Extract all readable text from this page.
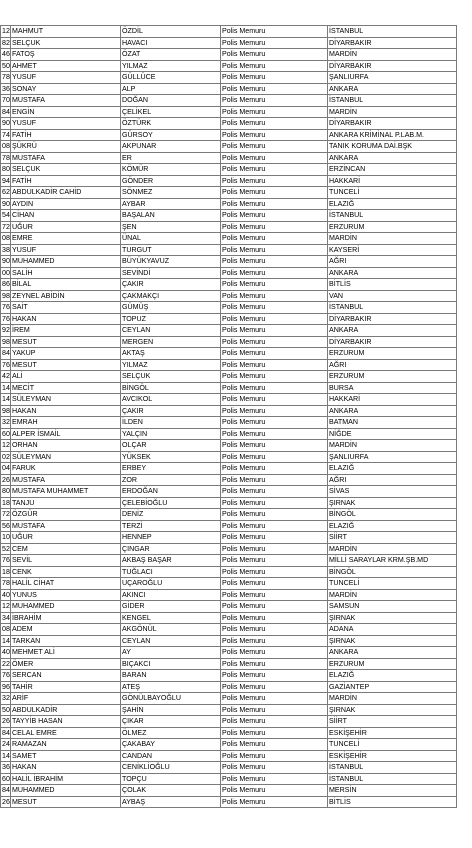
12	MAHMUT	ÖZDİL	Polis Memuru	İSTANBUL
82	SELÇUK	HAVACI	Polis Memuru	DİYARBAKIR
46	FATOŞ	ÖZAT	Polis Memuru	MARDİN
50	AHMET	YILMAZ	Polis Memuru	DİYARBAKIR
78	YUSUF	GÜLLÜCE	Polis Memuru	ŞANLIURFA
36	SONAY	ALP	Polis Memuru	ANKARA
70	MUSTAFA	DOĞAN	Polis Memuru	İSTANBUL
84	ENGİN	ÇELİKEL	Polis Memuru	MARDİN
90	YUSUF	ÖZTÜRK	Polis Memuru	DİYARBAKIR
74	FATİH	GÜRSOY	Polis Memuru	ANKARA KRİMİNAL P.LAB.M.
08	ŞÜKRÜ	AKPUNAR	Polis Memuru	TANIK KORUMA DAİ.BŞK
78	MUSTAFA	ER	Polis Memuru	ANKARA
80	SELÇUK	KÖMÜR	Polis Memuru	ERZİNCAN
94	FATİH	GÖNDER	Polis Memuru	HAKKARİ
62	ABDULKADİR CAHİD	SÖNMEZ	Polis Memuru	TUNCELİ
90	AYDIN	AYBAR	Polis Memuru	ELAZIĞ
54	CİHAN	BAŞALAN	Polis Memuru	İSTANBUL
72	UĞUR	ŞEN	Polis Memuru	ERZURUM
08	EMRE	ÜNAL	Polis Memuru	MARDİN
38	YUSUF	TURGUT	Polis Memuru	KAYSERİ
90	MUHAMMED	BÜYÜKYAVUZ	Polis Memuru	AĞRI
00	SALİH	SEVİNDİ	Polis Memuru	ANKARA
86	BİLAL	ÇAKIR	Polis Memuru	BİTLİS
98	ZEYNEL ABİDİN	ÇAKMAKÇI	Polis Memuru	VAN
76	SAİT	GÜMÜŞ	Polis Memuru	İSTANBUL
76	HAKAN	TOPUZ	Polis Memuru	DİYARBAKIR
92	İREM	CEYLAN	Polis Memuru	ANKARA
98	MESUT	MERGEN	Polis Memuru	DİYARBAKIR
84	YAKUP	AKTAŞ	Polis Memuru	ERZURUM
76	MESUT	YILMAZ	Polis Memuru	AĞRI
42	ALİ	SELÇUK	Polis Memuru	ERZURUM
14	MECİT	BİNGÖL	Polis Memuru	BURSA
14	SÜLEYMAN	AVCIKOL	Polis Memuru	HAKKARİ
98	HAKAN	ÇAKIR	Polis Memuru	ANKARA
32	EMRAH	İLDEN	Polis Memuru	BATMAN
60	ALPER İSMAİL	YALÇIN	Polis Memuru	NİĞDE
12	ORHAN	OLÇAR	Polis Memuru	MARDİN
02	SÜLEYMAN	YÜKSEK	Polis Memuru	ŞANLIURFA
04	FARUK	ERBEY	Polis Memuru	ELAZIĞ
26	MUSTAFA	ZOR	Polis Memuru	AĞRI
80	MUSTAFA MUHAMMET	ERDOĞAN	Polis Memuru	SİVAS
18	TANJU	ÇELEBİOĞLU	Polis Memuru	ŞIRNAK
72	ÖZGÜR	DENİZ	Polis Memuru	BİNGÖL
56	MUSTAFA	TERZİ	Polis Memuru	ELAZIĞ
10	UĞUR	HENNEP	Polis Memuru	SİİRT
52	CEM	ÇINGAR	Polis Memuru	MARDİN
76	SEVİL	AKBAŞ BAŞAR	Polis Memuru	MİLLİ SARAYLAR KRM.ŞB.MD
18	CENK	TUĞLACI	Polis Memuru	BİNGÖL
78	HALİL CİHAT	UÇAROĞLU	Polis Memuru	TUNCELİ
40	YUNUS	AKINCI	Polis Memuru	MARDİN
12	MUHAMMED	GİDER	Polis Memuru	SAMSUN
34	İBRAHİM	KENGEL	Polis Memuru	ŞIRNAK
08	ADEM	AKGÖNÜL	Polis Memuru	ADANA
14	TARKAN	CEYLAN	Polis Memuru	ŞIRNAK
40	MEHMET ALİ	AY	Polis Memuru	ANKARA
22	ÖMER	BIÇAKCI	Polis Memuru	ERZURUM
76	SERCAN	BARAN	Polis Memuru	ELAZIĞ
96	TAHİR	ATEŞ	Polis Memuru	GAZİANTEP
32	ARİF	GÖNÜLBAYOĞLU	Polis Memuru	MARDİN
50	ABDULKADİR	ŞAHİN	Polis Memuru	ŞIRNAK
26	TAYYİB HASAN	ÇIKAR	Polis Memuru	SİİRT
84	CELAL EMRE	ÖLMEZ	Polis Memuru	ESKİŞEHİR
24	RAMAZAN	ÇAKABAY	Polis Memuru	TUNCELİ
14	SAMET	CANDAN	Polis Memuru	ESKİŞEHİR
36	HAKAN	CENİKLİOĞLU	Polis Memuru	İSTANBUL
60	HALİL İBRAHİM	TOPÇU	Polis Memuru	İSTANBUL
84	MUHAMMED	ÇOLAK	Polis Memuru	MERSİN
26	MESUT	AYBAŞ	Polis Memuru	BİTLİS
